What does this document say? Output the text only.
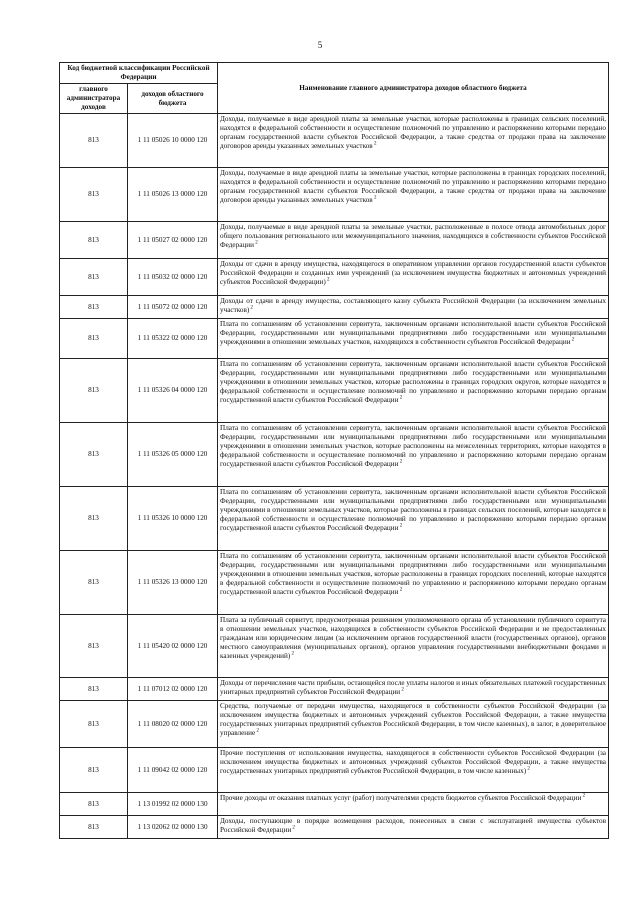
5
Код бюджетной классификации Российской Федерации		Наименование главного администратора доходов областного бюджета
главного администратора доходов	доходов областного бюджета	
813	1 11 05026 10 0000 120	Доходы, получаемые в виде арендной платы за земельные участки, которые расположены в границах сельских поселений, находятся в федеральной собственности и осуществление полномочий по управлению и распоряжению которыми передано органам государственной власти субъектов Российской Федерации, а также средства от продажи права на заключение договоров аренды указанных земельных участков $^2$
813	1 11 05026 13 0000 120	Доходы, получаемые в виде арендной платы за земельные участки, которые расположены в границах городских поселений, находятся в федеральной собственности и осуществление полномочий по управлению и распоряжению которыми передано органам государственной власти субъектов Российской Федерации, а также средства от продажи права на заключение договоров аренды указанных земельных участков $^2$
813	1 11 05027 02 0000 120	Доходы, получаемые в виде арендной платы за земельные участки, расположенные в полосе отвода автомобильных дорог общего пользования регионального или межмуниципального значения, находящихся в собственности субъектов Российской Федерации $^2$
813	1 11 05032 02 0000 120	Доходы от сдачи в аренду имущества, находящегося в оперативном управлении органов государственной власти субъектов Российской Федерации и созданных ими учреждений (за исключением имущества бюджетных и автономных учреждений субъектов Российской Федерации) $^2$
813	1 11 05072 02 0000 120	Доходы от сдачи в аренду имущества, составляющего казну субъекта Российской Федерации (за исключением земельных участков) $^2$
813	1 11 05322 02 0000 120	Плата по соглашениям об установлении сервитута, заключенным органами исполнительной власти субъектов Российской Федерации, государственными или муниципальными предприятиями либо государственными или муниципальными учреждениями в отношении земельных участков, находящихся в собственности субъектов Российской Федерации $^2$
813	1 11 05326 04 0000 120	Плата по соглашениям об установлении сервитута, заключенным органами исполнительной власти субъектов Российской Федерации, государственными или муниципальными предприятиями либо государственными или муниципальными учреждениями в отношении земельных участков, которые расположены в границах городских округов, которые находятся в федеральной собственности и осуществление полномочий по управлению и распоряжению которыми передано органам государственной власти субъектов Российской Федерации $^2$
813	1 11 05326 05 0000 120	Плата по соглашениям об установлении сервитута, заключенным органами исполнительной власти субъектов Российской Федерации, государственными или муниципальными предприятиями либо государственными или муниципальными учреждениями в отношении земельных участков, которые расположены на межселенных территориях, которые находятся в федеральной собственности и осуществление полномочий по управлению и распоряжению которыми передано органам государственной власти субъектов Российской Федерации $^2$
813	1 11 05326 10 0000 120	Плата по соглашениям об установлении сервитута, заключенным органами исполнительной власти субъектов Российской Федерации, государственными или муниципальными предприятиями либо государственными или муниципальными учреждениями в отношении земельных участков, которые расположены в границах сельских поселений, которые находятся в федеральной собственности и осуществление полномочий по управлению и распоряжению которыми передано органам государственной власти субъектов Российской Федерации $^2$
813	1 11 05326 13 0000 120	Плата по соглашениям об установлении сервитута, заключенным органами исполнительной власти субъектов Российской Федерации, государственными или муниципальными предприятиями либо государственными или муниципальными учреждениями в отношении земельных участков, которые расположены в границах городских поселений, которые находятся в федеральной собственности и осуществление полномочий по управлению и распоряжению которыми передано органам государственной власти субъектов Российской Федерации $^2$
813	1 11 05420 02 0000 120	Плата за публичный сервитут, предусмотренная решением уполномоченного органа об установлении публичного сервитута в отношении земельных участков, находящихся в собственности субъектов Российской Федерации и не предоставленных гражданам или юридическим лицам (за исключением органов государственной власти (государственных органов), органов местного самоуправления (муниципальных органов), органов управления государственными внебюджетными фондами и казенных учреждений) $^2$
813	1 11 07012 02 0000 120	Доходы от перечисления части прибыли, остающейся после уплаты налогов и иных обязательных платежей государственных унитарных предприятий субъектов Российской Федерации $^2$
813	1 11 08020 02 0000 120	Средства, получаемые от передачи имущества, находящегося в собственности субъектов Российской Федерации (за исключением имущества бюджетных и автономных учреждений субъектов Российской Федерации, а также имущества государственных унитарных предприятий субъектов Российской Федерации, в том числе казенных), в залог, в доверительное управление $^2$
813	1 11 09042 02 0000 120	Прочие поступления от использования имущества, находящегося в собственности субъектов Российской Федерации (за исключением имущества бюджетных и автономных учреждений субъектов Российской Федерации, а также имущества государственных унитарных предприятий субъектов Российской Федерации, в том числе казенных) $^2$
813	1 13 01992 02 0000 130	Прочие доходы от оказания платных услуг (работ) получателями средств бюджетов субъектов Российской Федерации $^2$
813	1 13 02062 02 0000 130	Доходы, поступающие в порядке возмещения расходов, понесенных в связи с эксплуатацией имущества субъектов Российской Федерации $^2$
